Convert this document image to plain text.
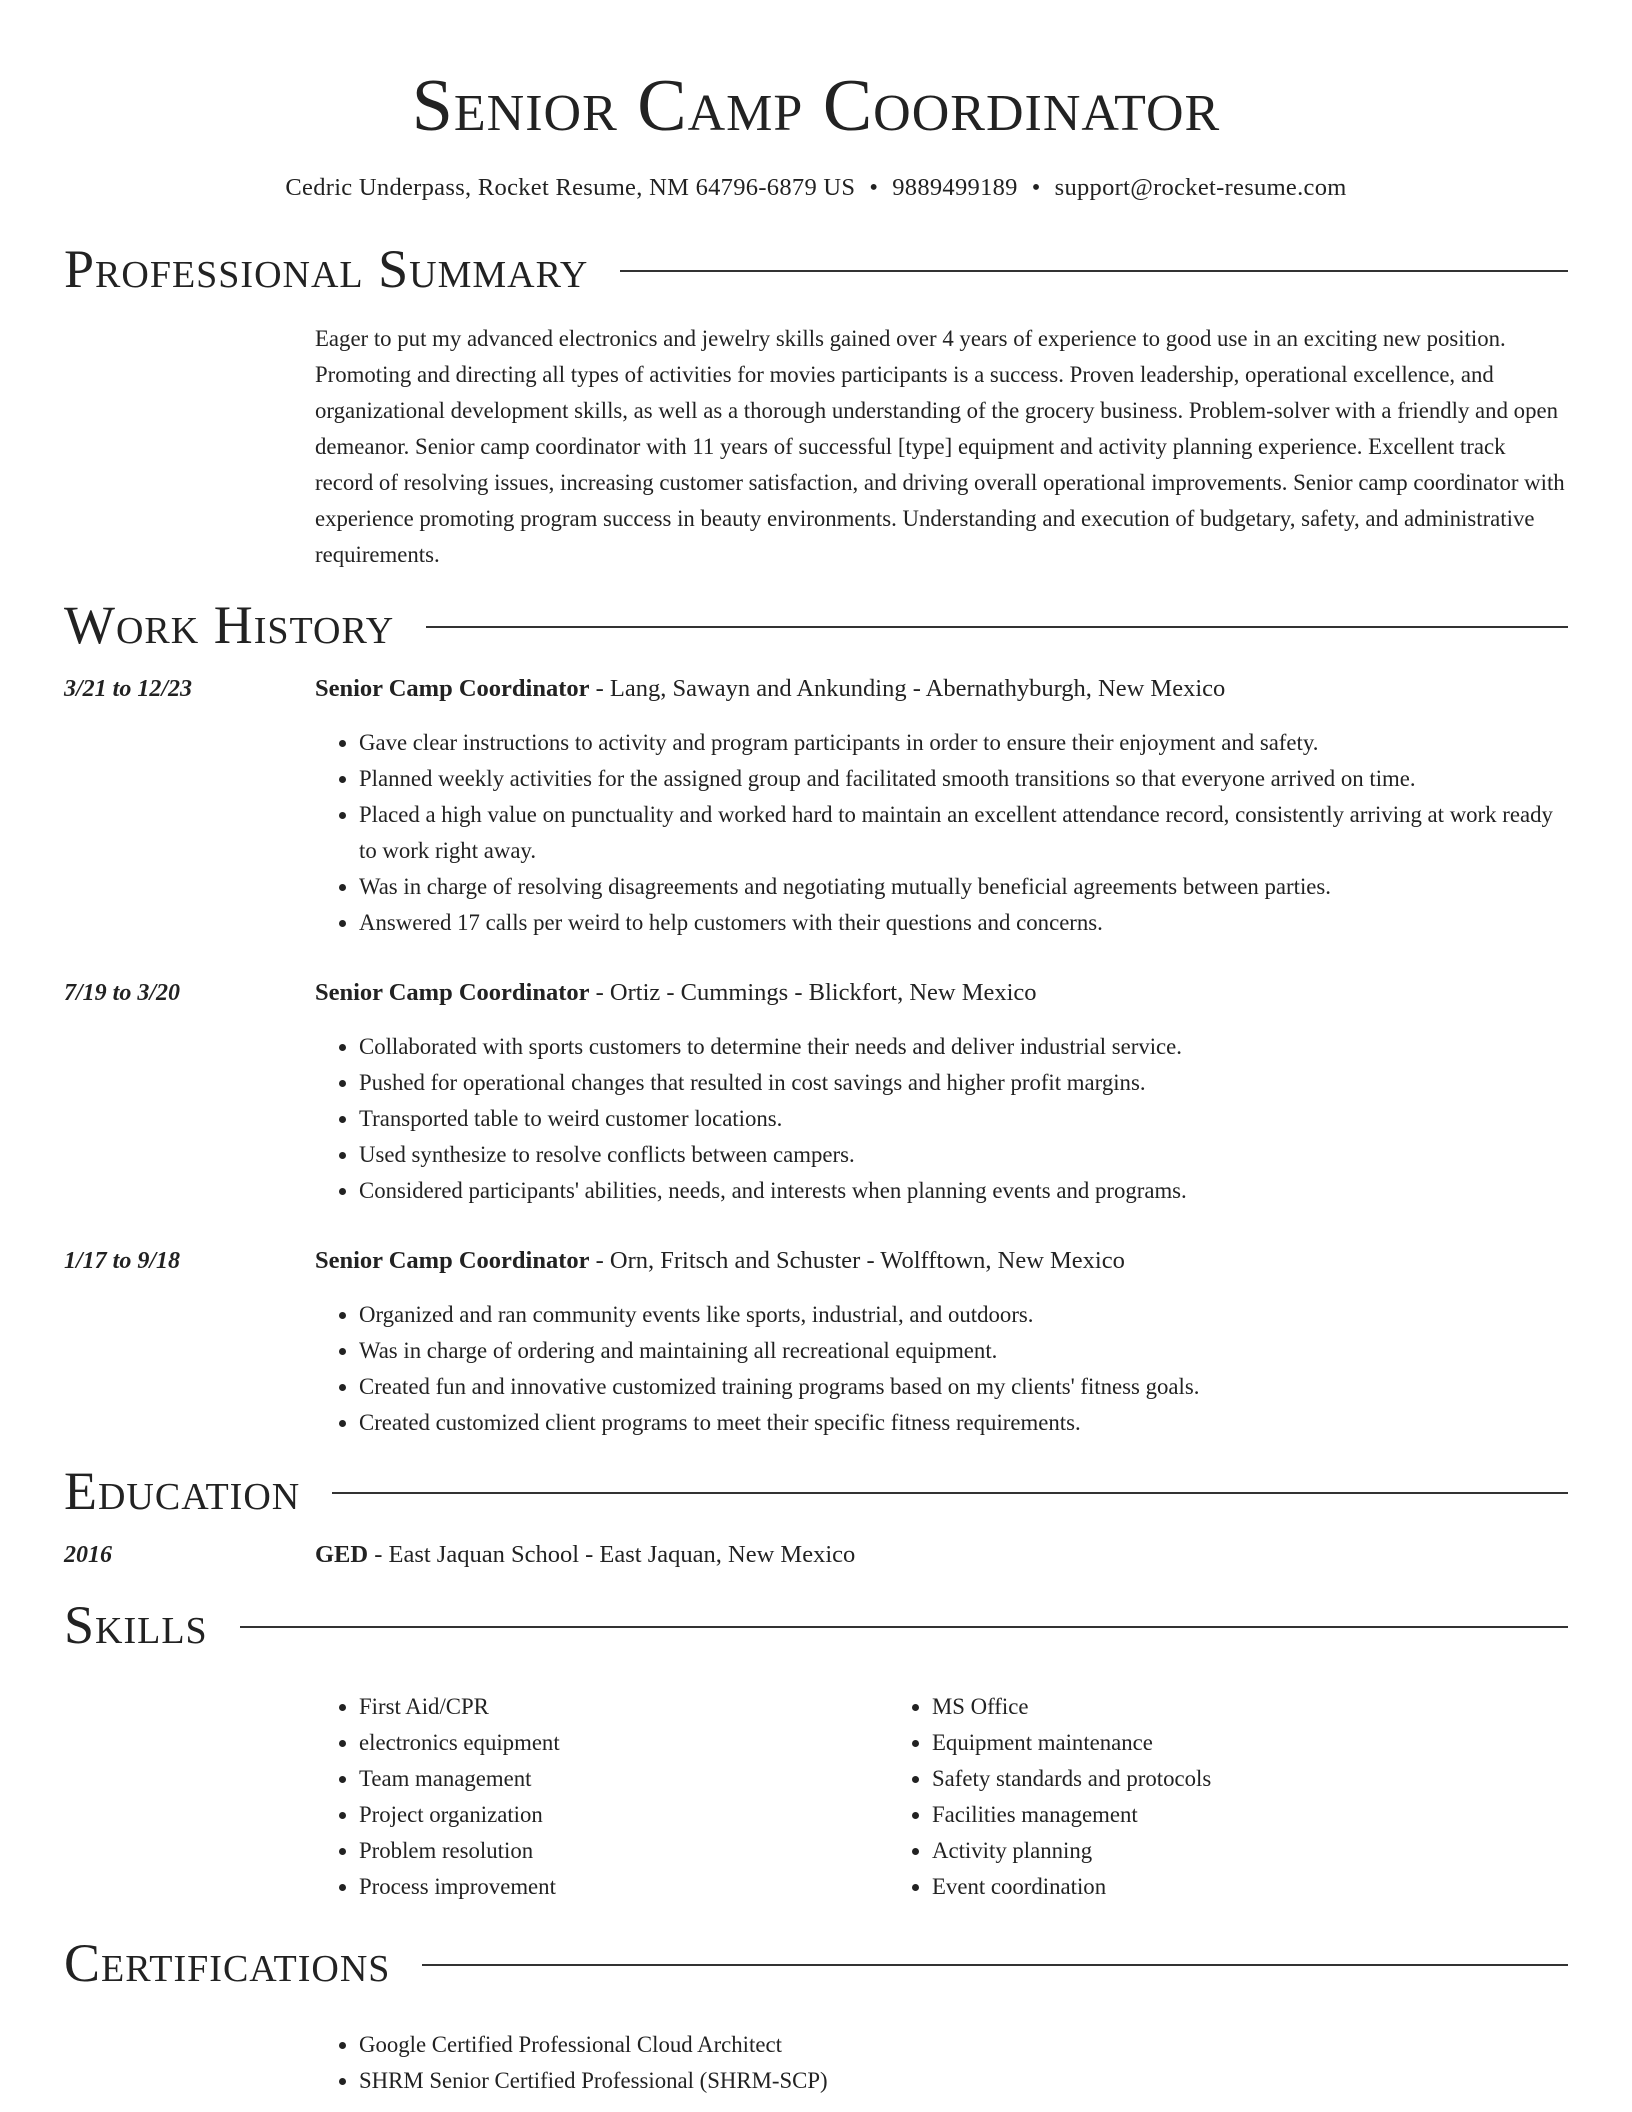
Senior Camp Coordinator
Cedric Underpass, Rocket Resume, NM 64796-6879 US • 9889499189 • support@rocket-resume.com
Professional Summary
Eager to put my advanced electronics and jewelry skills gained over 4 years of experience to good use in an exciting new position. Promoting and directing all types of activities for movies participants is a success. Proven leadership, operational excellence, and organizational development skills, as well as a thorough understanding of the grocery business. Problem-solver with a friendly and open demeanor. Senior camp coordinator with 11 years of successful [type] equipment and activity planning experience. Excellent track record of resolving issues, increasing customer satisfaction, and driving overall operational improvements. Senior camp coordinator with experience promoting program success in beauty environments. Understanding and execution of budgetary, safety, and administrative requirements.
Work History
3/21 to 12/23	Senior Camp Coordinator - Lang, Sawayn and Ankunding - Abernathyburgh, New Mexico
• Gave clear instructions to activity and program participants in order to ensure their enjoyment and safety.
• Planned weekly activities for the assigned group and facilitated smooth transitions so that everyone arrived on time.
• Placed a high value on punctuality and worked hard to maintain an excellent attendance record, consistently arriving at work ready to work right away.
• Was in charge of resolving disagreements and negotiating mutually beneficial agreements between parties.
• Answered 17 calls per weird to help customers with their questions and concerns.
7/19 to 3/20	Senior Camp Coordinator - Ortiz - Cummings - Blickfort, New Mexico
• Collaborated with sports customers to determine their needs and deliver industrial service.
• Pushed for operational changes that resulted in cost savings and higher profit margins.
• Transported table to weird customer locations.
• Used synthesize to resolve conflicts between campers.
• Considered participants' abilities, needs, and interests when planning events and programs.
1/17 to 9/18	Senior Camp Coordinator - Orn, Fritsch and Schuster - Wolfftown, New Mexico
• Organized and ran community events like sports, industrial, and outdoors.
• Was in charge of ordering and maintaining all recreational equipment.
• Created fun and innovative customized training programs based on my clients' fitness goals.
• Created customized client programs to meet their specific fitness requirements.
Education
2016	GED - East Jaquan School - East Jaquan, New Mexico
Skills
• First Aid/CPR
• electronics equipment
• Team management
• Project organization
• Problem resolution
• Process improvement
• MS Office
• Equipment maintenance
• Safety standards and protocols
• Facilities management
• Activity planning
• Event coordination
Certifications
• Google Certified Professional Cloud Architect
• SHRM Senior Certified Professional (SHRM-SCP)
